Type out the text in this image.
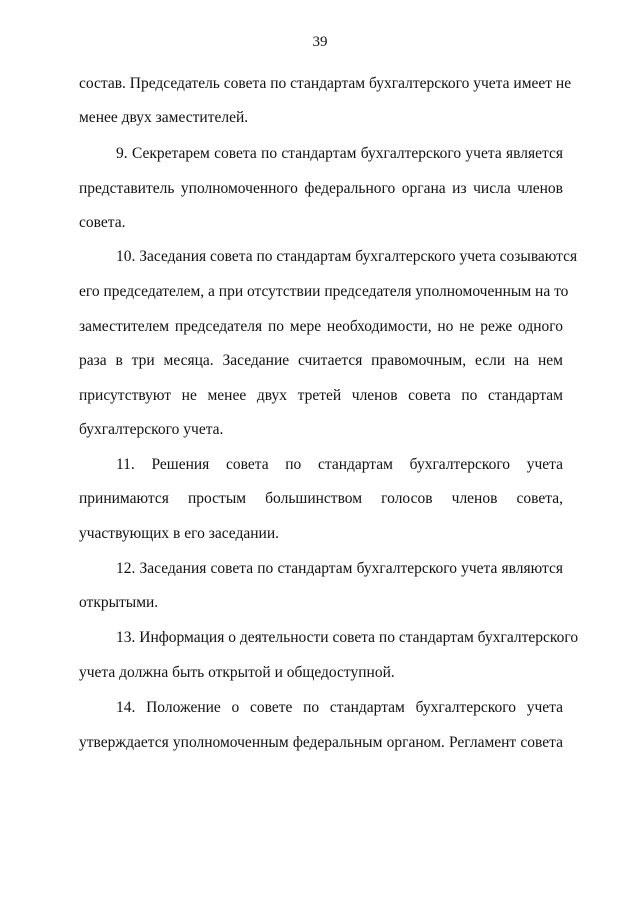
39
состав. Председатель совета по стандартам бухгалтерского учета имеет не
менее двух заместителей.
9. Секретарем совета по стандартам бухгалтерского учета является
представитель уполномоченного федерального органа из числа членов
совета.
10. Заседания совета по стандартам бухгалтерского учета созываются
его председателем, а при отсутствии председателя уполномоченным на то
заместителем председателя по мере необходимости, но не реже одного
раза в три месяца. Заседание считается правомочным, если на нем
присутствуют не менее двух третей членов совета по стандартам
бухгалтерского учета.
11. Решения совета по стандартам бухгалтерского учета
принимаются простым большинством голосов членов совета,
участвующих в его заседании.
12. Заседания совета по стандартам бухгалтерского учета являются
открытыми.
13. Информация о деятельности совета по стандартам бухгалтерского
учета должна быть открытой и общедоступной.
14. Положение о совете по стандартам бухгалтерского учета
утверждается уполномоченным федеральным органом. Регламент совета
